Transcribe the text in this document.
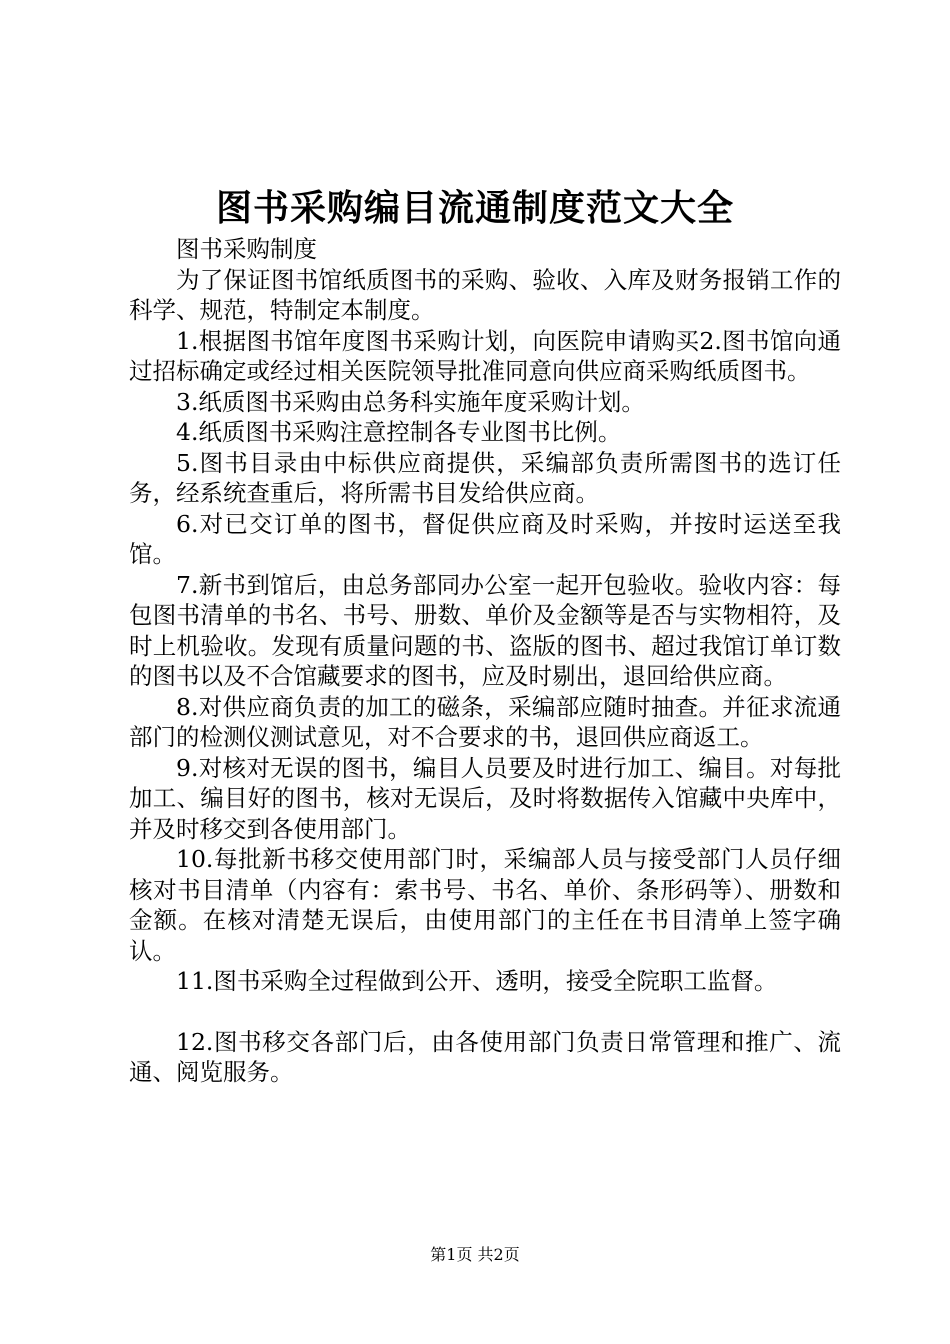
图书采购编目流通制度范文大全

图书采购制度

为了保证图书馆纸质图书的采购、验收、入库及财务报销工作的科学、规范，特制定本制度。

1.根据图书馆年度图书采购计划，向医院申请购买2.图书馆向通过招标确定或经过相关医院领导批准同意向供应商采购纸质图书。

3.纸质图书采购由总务科实施年度采购计划。

4.纸质图书采购注意控制各专业图书比例。

5.图书目录由中标供应商提供，采编部负责所需图书的选订任务，经系统查重后，将所需书目发给供应商。

6.对已交订单的图书，督促供应商及时采购，并按时运送至我馆。

7.新书到馆后，由总务部同办公室一起开包验收。验收内容：每包图书清单的书名、书号、册数、单价及金额等是否与实物相符，及时上机验收。发现有质量问题的书、盗版的图书、超过我馆订单订数的图书以及不合馆藏要求的图书，应及时剔出，退回给供应商。

8.对供应商负责的加工的磁条，采编部应随时抽查。并征求流通部门的检测仪测试意见，对不合要求的书，退回供应商返工。

9.对核对无误的图书，编目人员要及时进行加工、编目。对每批加工、编目好的图书，核对无误后，及时将数据传入馆藏中央库中，并及时移交到各使用部门。

10.每批新书移交使用部门时，采编部人员与接受部门人员仔细核对书目清单（内容有：索书号、书名、单价、条形码等）、册数和金额。在核对清楚无误后，由使用部门的主任在书目清单上签字确认。

11.图书采购全过程做到公开、透明，接受全院职工监督。

12.图书移交各部门后，由各使用部门负责日常管理和推广、流通、阅览服务。

第1页 共2页
